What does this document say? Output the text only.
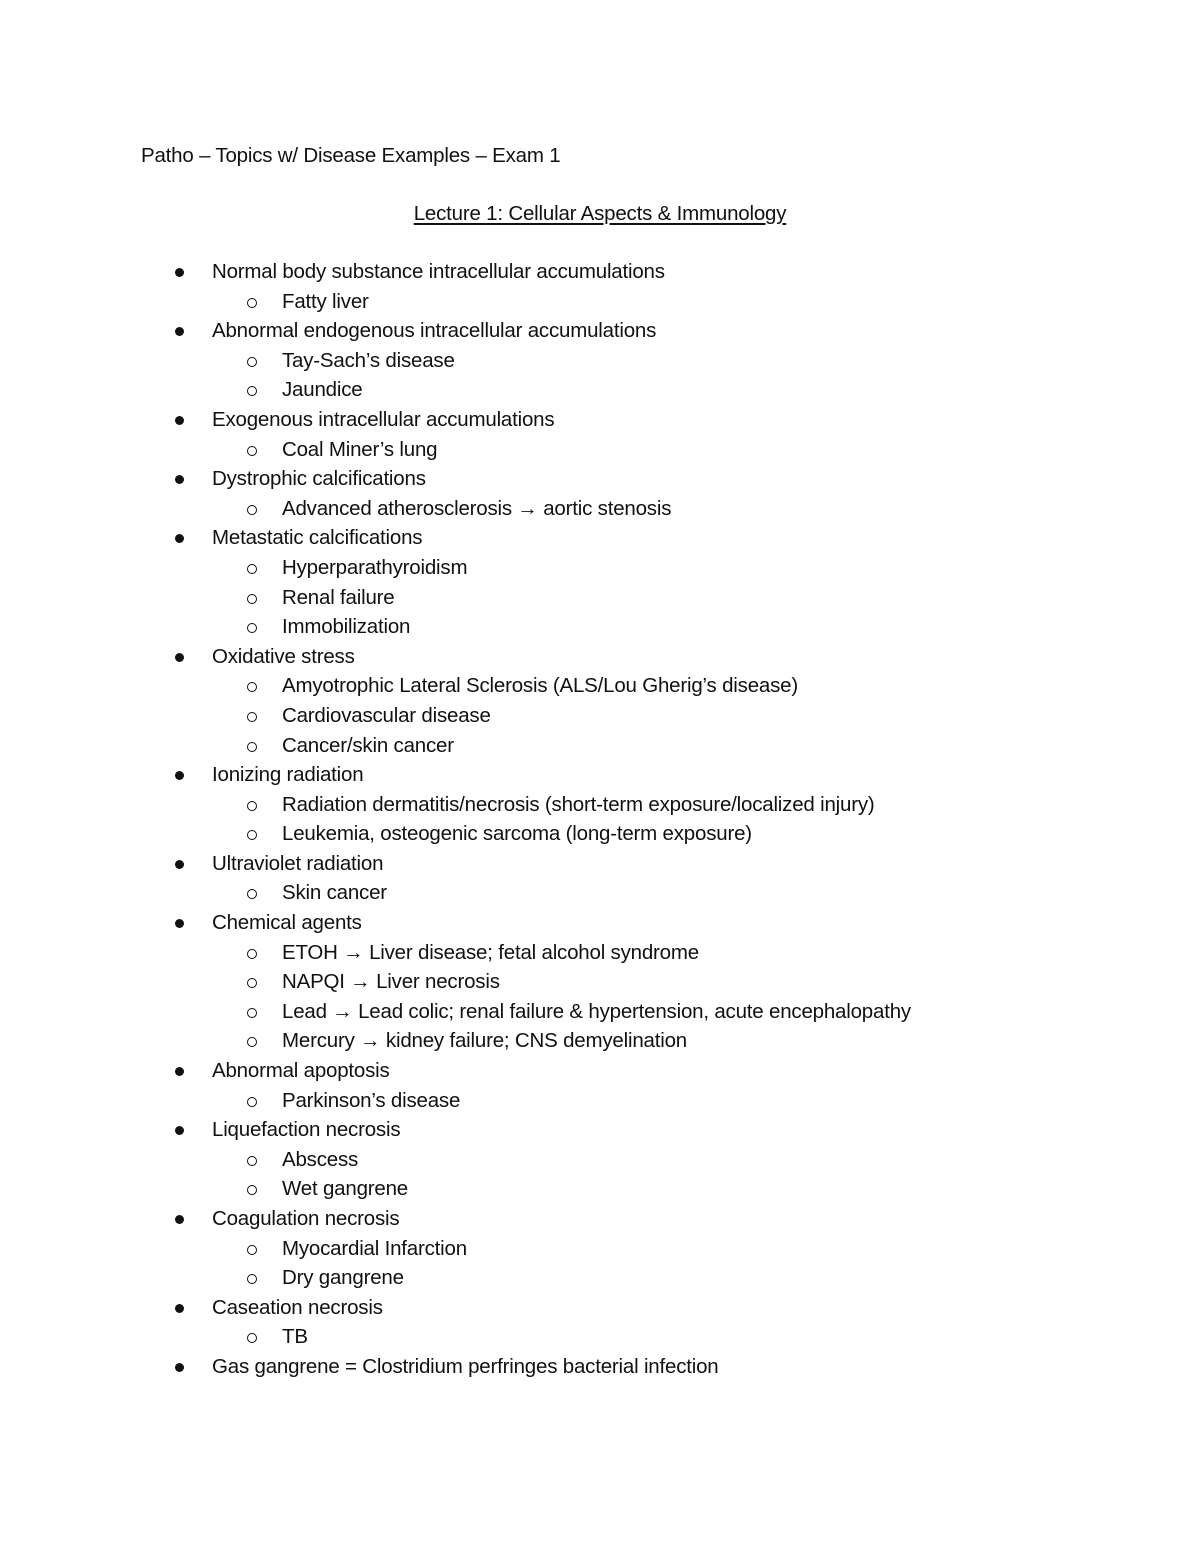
Patho – Topics w/ Disease Examples – Exam 1
Lecture 1: Cellular Aspects & Immunology
Normal body substance intracellular accumulations
Fatty liver
Abnormal endogenous intracellular accumulations
Tay-Sach’s disease
Jaundice
Exogenous intracellular accumulations
Coal Miner’s lung
Dystrophic calcifications
Advanced atherosclerosis → aortic stenosis
Metastatic calcifications
Hyperparathyroidism
Renal failure
Immobilization
Oxidative stress
Amyotrophic Lateral Sclerosis (ALS/Lou Gherig’s disease)
Cardiovascular disease
Cancer/skin cancer
Ionizing radiation
Radiation dermatitis/necrosis (short-term exposure/localized injury)
Leukemia, osteogenic sarcoma (long-term exposure)
Ultraviolet radiation
Skin cancer
Chemical agents
ETOH → Liver disease; fetal alcohol syndrome
NAPQI → Liver necrosis
Lead → Lead colic; renal failure & hypertension, acute encephalopathy
Mercury → kidney failure; CNS demyelination
Abnormal apoptosis
Parkinson’s disease
Liquefaction necrosis
Abscess
Wet gangrene
Coagulation necrosis
Myocardial Infarction
Dry gangrene
Caseation necrosis
TB
Gas gangrene = Clostridium perfringes bacterial infection
